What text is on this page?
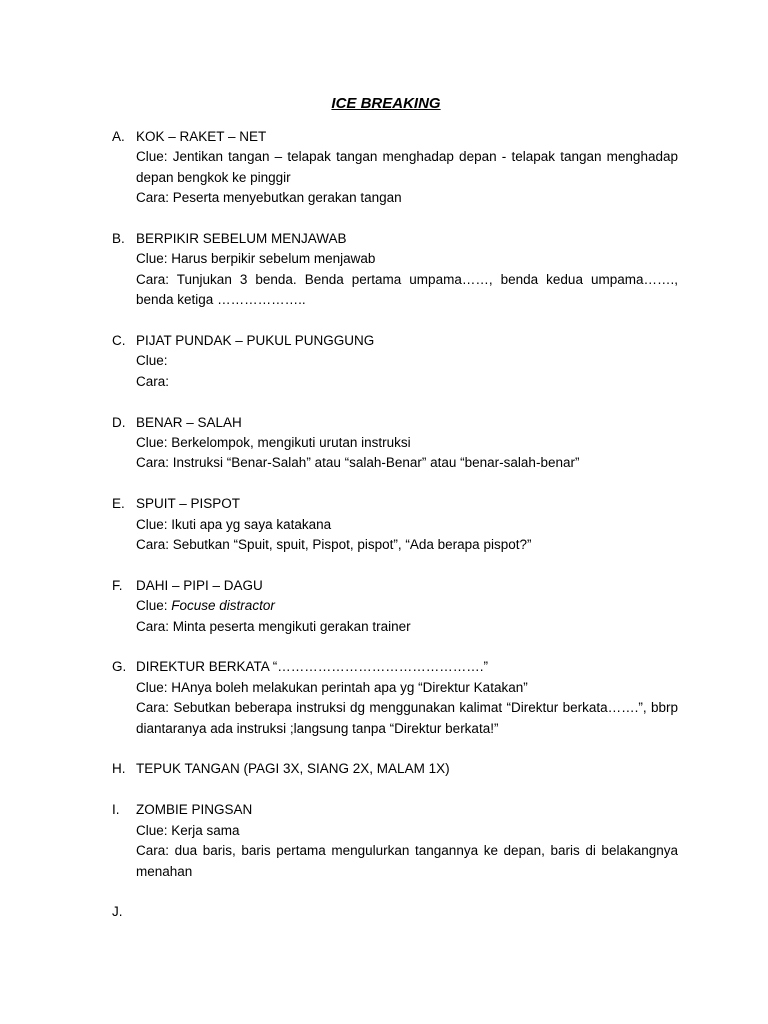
ICE BREAKING
A. KOK – RAKET – NET
Clue: Jentikan tangan – telapak tangan menghadap depan - telapak tangan menghadap depan bengkok ke pinggir
Cara: Peserta menyebutkan gerakan tangan
B. BERPIKIR SEBELUM MENJAWAB
Clue: Harus berpikir sebelum menjawab
Cara: Tunjukan 3 benda. Benda pertama umpama……, benda kedua umpama……., benda ketiga ………………..
C. PIJAT PUNDAK – PUKUL PUNGGUNG
Clue:
Cara:
D. BENAR – SALAH
Clue: Berkelompok, mengikuti urutan instruksi
Cara: Instruksi “Benar-Salah” atau “salah-Benar” atau “benar-salah-benar”
E. SPUIT – PISPOT
Clue: Ikuti apa yg saya katakana
Cara: Sebutkan “Spuit, spuit, Pispot, pispot”, “Ada berapa pispot?”
F. DAHI – PIPI – DAGU
Clue: Focuse distractor
Cara: Minta peserta mengikuti gerakan trainer
G. DIREKTUR BERKATA “……………………………………….”
Clue: HAnya boleh melakukan perintah apa yg “Direktur Katakan”
Cara: Sebutkan beberapa instruksi dg menggunakan kalimat “Direktur berkata…….”, bbrp diantaranya ada instruksi ;langsung tanpa “Direktur berkata!”
H. TEPUK TANGAN (PAGI 3X, SIANG 2X, MALAM 1X)
I. ZOMBIE PINGSAN
Clue: Kerja sama
Cara: dua baris, baris pertama mengulurkan tangannya ke depan, baris di belakangnya menahan
J.
